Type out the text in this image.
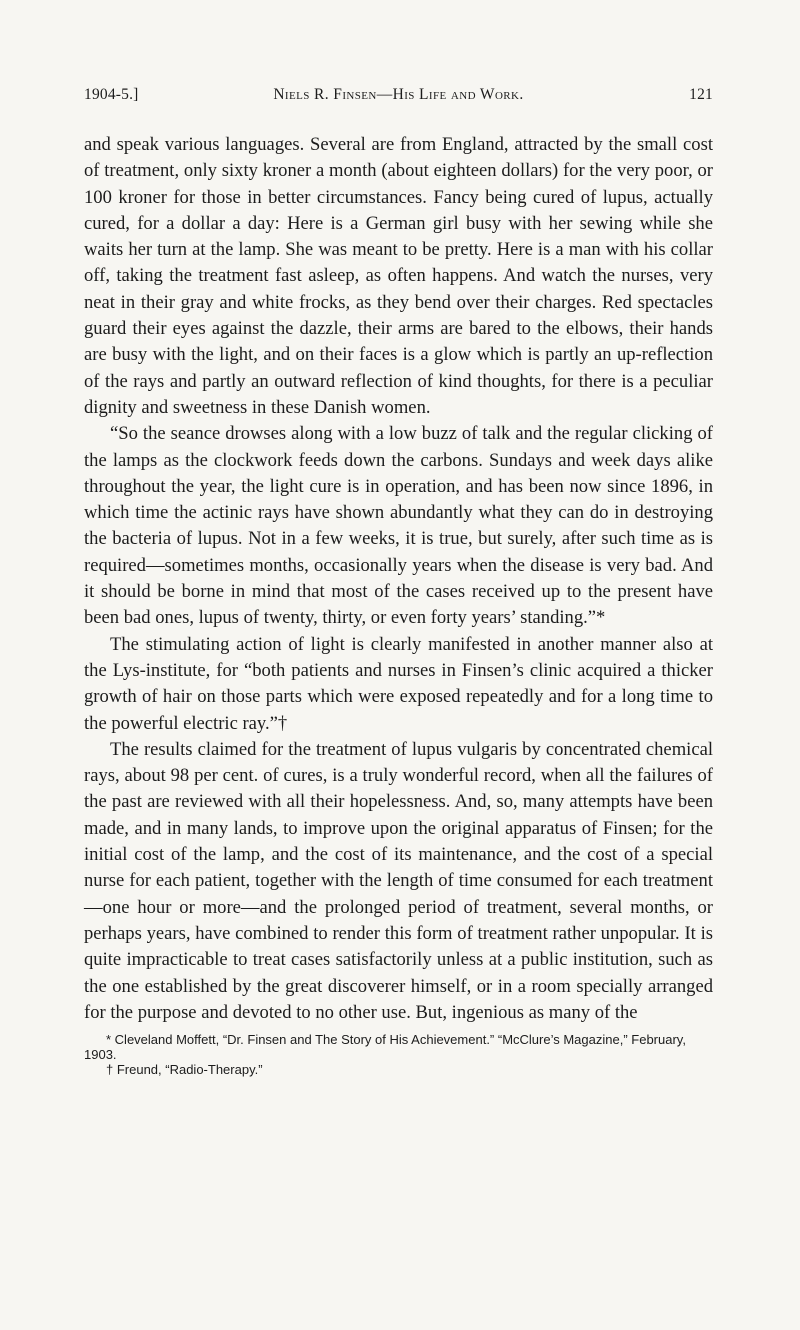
1904-5.]	Niels R. Finsen—His Life and Work.	121

and speak various languages. Several are from England, attracted by the small cost of treatment, only sixty kroner a month (about eighteen dollars) for the very poor, or 100 kroner for those in better circumstances. Fancy being cured of lupus, actually cured, for a dollar a day: Here is a German girl busy with her sewing while she waits her turn at the lamp. She was meant to be pretty. Here is a man with his collar off, taking the treatment fast asleep, as often happens. And watch the nurses, very neat in their gray and white frocks, as they bend over their charges. Red spectacles guard their eyes against the dazzle, their arms are bared to the elbows, their hands are busy with the light, and on their faces is a glow which is partly an up-reflection of the rays and partly an outward reflection of kind thoughts, for there is a peculiar dignity and sweetness in these Danish women.

“So the seance drowses along with a low buzz of talk and the regular clicking of the lamps as the clockwork feeds down the carbons. Sundays and week days alike throughout the year, the light cure is in operation, and has been now since 1896, in which time the actinic rays have shown abundantly what they can do in destroying the bacteria of lupus. Not in a few weeks, it is true, but surely, after such time as is required—sometimes months, occasionally years when the disease is very bad. And it should be borne in mind that most of the cases received up to the present have been bad ones, lupus of twenty, thirty, or even forty years’ standing.”*

The stimulating action of light is clearly manifested in another manner also at the Lys-institute, for “both patients and nurses in Finsen’s clinic acquired a thicker growth of hair on those parts which were exposed repeatedly and for a long time to the powerful electric ray.”†

The results claimed for the treatment of lupus vulgaris by concentrated chemical rays, about 98 per cent. of cures, is a truly wonderful record, when all the failures of the past are reviewed with all their hopelessness. And, so, many attempts have been made, and in many lands, to improve upon the original apparatus of Finsen; for the initial cost of the lamp, and the cost of its maintenance, and the cost of a special nurse for each patient, together with the length of time consumed for each treatment—one hour or more—and the prolonged period of treatment, several months, or perhaps years, have combined to render this form of treatment rather unpopular. It is quite impracticable to treat cases satisfactorily unless at a public institution, such as the one established by the great discoverer himself, or in a room specially arranged for the purpose and devoted to no other use. But, ingenious as many of the

* Cleveland Moffett, “Dr. Finsen and The Story of His Achievement.” “McClure’s Magazine,” February, 1903.
† Freund, “Radio-Therapy.”
